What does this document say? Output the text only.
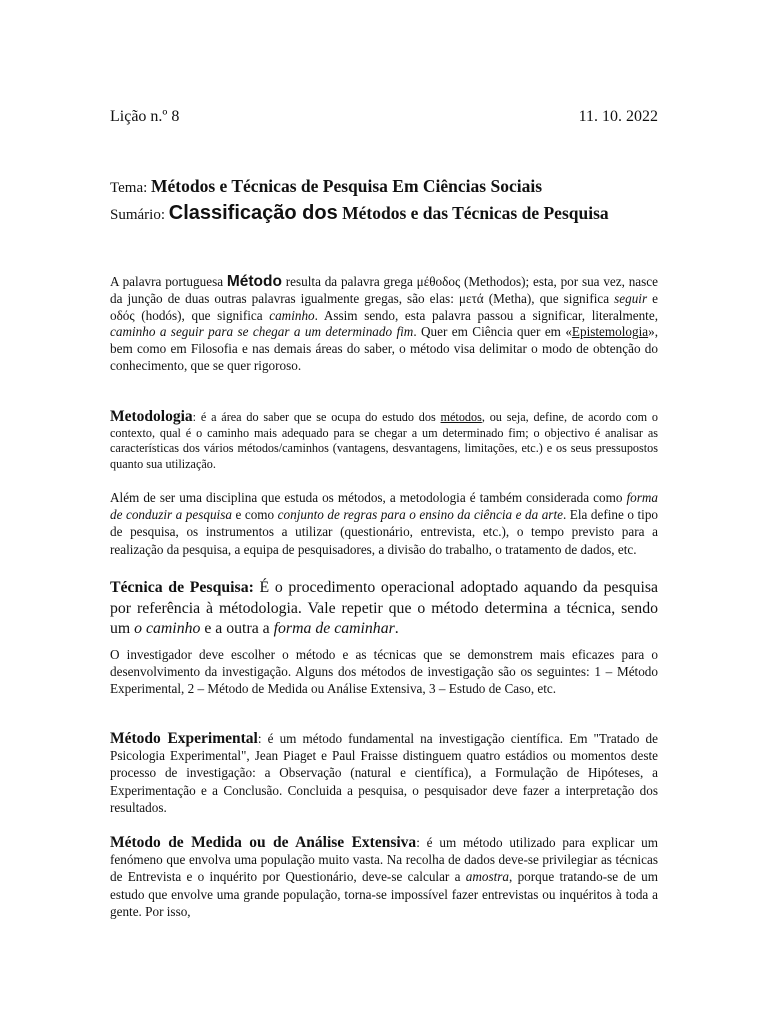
Lição n.º 8	11. 10. 2022
Tema: Métodos e Técnicas de Pesquisa Em Ciências Sociais
Sumário: Classificação dos Métodos e das Técnicas de Pesquisa
A palavra portuguesa Método resulta da palavra grega μέθοδος (Methodos); esta, por sua vez, nasce da junção de duas outras palavras igualmente gregas, são elas: μετά (Metha), que significa seguir e οδός (hodós), que significa caminho. Assim sendo, esta palavra passou a significar, literalmente, caminho a seguir para se chegar a um determinado fim. Quer em Ciência quer em «Epistemologia», bem como em Filosofia e nas demais áreas do saber, o método visa delimitar o modo de obtenção do conhecimento, que se quer rigoroso.
Metodologia: é a área do saber que se ocupa do estudo dos métodos, ou seja, define, de acordo com o contexto, qual é o caminho mais adequado para se chegar a um determinado fim; o objectivo é analisar as características dos vários métodos/caminhos (vantagens, desvantagens, limitações, etc.) e os seus pressupostos quanto sua utilização.
Além de ser uma disciplina que estuda os métodos, a metodologia é também considerada como forma de conduzir a pesquisa e como conjunto de regras para o ensino da ciência e da arte. Ela define o tipo de pesquisa, os instrumentos a utilizar (questionário, entrevista, etc.), o tempo previsto para a realização da pesquisa, a equipa de pesquisadores, a divisão do trabalho, o tratamento de dados, etc.
Técnica de Pesquisa: É o procedimento operacional adoptado aquando da pesquisa por referência à métodologia. Vale repetir que o método determina a técnica, sendo um o caminho e a outra a forma de caminhar.
O investigador deve escolher o método e as técnicas que se demonstrem mais eficazes para o desenvolvimento da investigação. Alguns dos métodos de investigação são os seguintes: 1 – Método Experimental, 2 – Método de Medida ou Análise Extensiva, 3 – Estudo de Caso, etc.
Método Experimental: é um método fundamental na investigação científica. Em "Tratado de Psicologia Experimental", Jean Piaget e Paul Fraisse distinguem quatro estádios ou momentos deste processo de investigação: a Observação (natural e científica), a Formulação de Hipóteses, a Experimentação e a Conclusão. Concluida a pesquisa, o pesquisador deve fazer a interpretação dos resultados.
Método de Medida ou de Análise Extensiva: é um método utilizado para explicar um fenómeno que envolva uma população muito vasta. Na recolha de dados deve-se privilegiar as técnicas de Entrevista e o inquérito por Questionário, deve-se calcular a amostra, porque tratando-se de um estudo que envolve uma grande população, torna-se impossível fazer entrevistas ou inquéritos à toda a gente. Por isso,
